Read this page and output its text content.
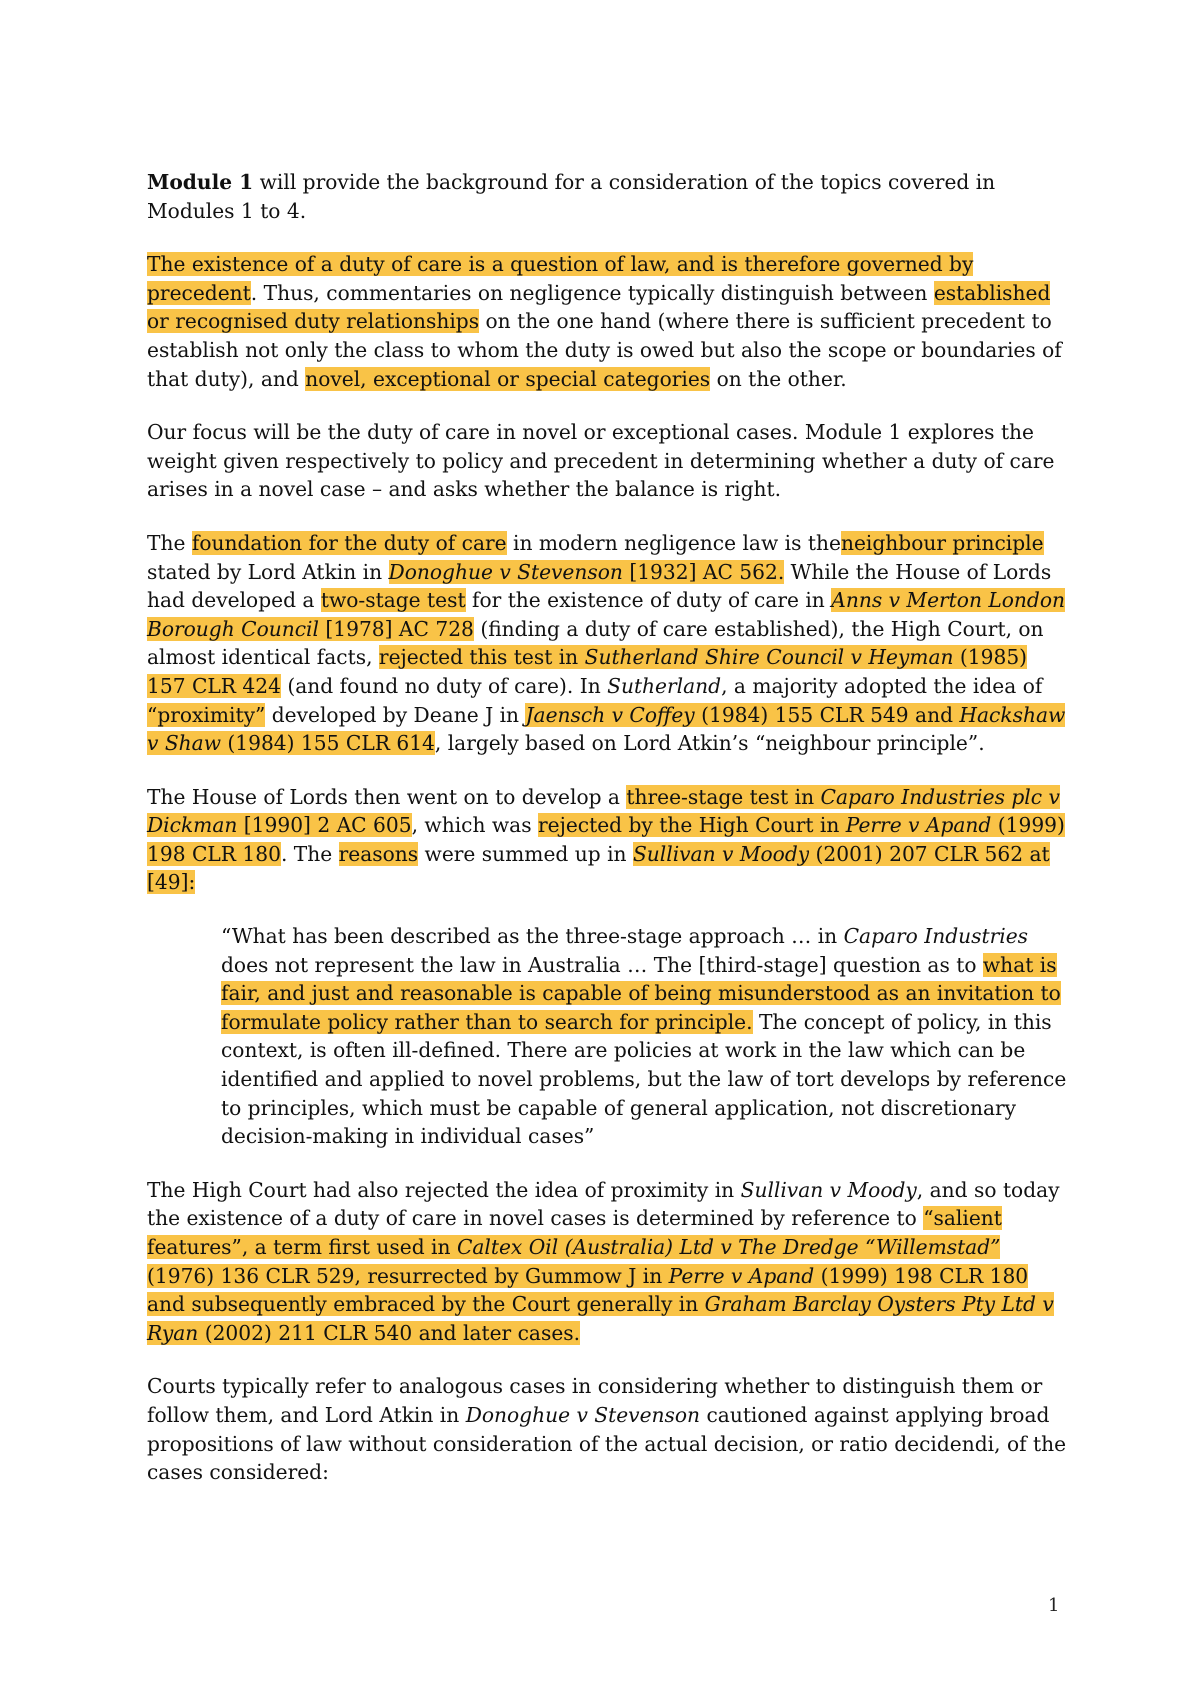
Module 1 will provide the background for a consideration of the topics covered in Modules 1 to 4.

The existence of a duty of care is a question of law, and is therefore governed by precedent. Thus, commentaries on negligence typically distinguish between established or recognised duty relationships on the one hand (where there is sufficient precedent to establish not only the class to whom the duty is owed but also the scope or boundaries of that duty), and novel, exceptional or special categories on the other.

Our focus will be the duty of care in novel or exceptional cases. Module 1 explores the weight given respectively to policy and precedent in determining whether a duty of care arises in a novel case – and asks whether the balance is right.

The foundation for the duty of care in modern negligence law is theneighbour principle stated by Lord Atkin in Donoghue v Stevenson [1932] AC 562. While the House of Lords had developed a two-stage test for the existence of duty of care in Anns v Merton London Borough Council [1978] AC 728 (finding a duty of care established), the High Court, on almost identical facts, rejected this test in Sutherland Shire Council v Heyman (1985) 157 CLR 424 (and found no duty of care). In Sutherland, a majority adopted the idea of “proximity” developed by Deane J in Jaensch v Coffey (1984) 155 CLR 549 and Hackshaw v Shaw (1984) 155 CLR 614, largely based on Lord Atkin’s “neighbour principle”.

The House of Lords then went on to develop a three-stage test in Caparo Industries plc v Dickman [1990] 2 AC 605, which was rejected by the High Court in Perre v Apand (1999) 198 CLR 180. The reasons were summed up in Sullivan v Moody (2001) 207 CLR 562 at [49]:

“What has been described as the three-stage approach … in Caparo Industries does not represent the law in Australia … The [third-stage] question as to what is fair, and just and reasonable is capable of being misunderstood as an invitation to formulate policy rather than to search for principle. The concept of policy, in this context, is often ill-defined. There are policies at work in the law which can be identified and applied to novel problems, but the law of tort develops by reference to principles, which must be capable of general application, not discretionary decision-making in individual cases”

The High Court had also rejected the idea of proximity in Sullivan v Moody, and so today the existence of a duty of care in novel cases is determined by reference to “salient features”, a term first used in Caltex Oil (Australia) Ltd v The Dredge “Willemstad” (1976) 136 CLR 529, resurrected by Gummow J in Perre v Apand (1999) 198 CLR 180 and subsequently embraced by the Court generally in Graham Barclay Oysters Pty Ltd v Ryan (2002) 211 CLR 540 and later cases.

Courts typically refer to analogous cases in considering whether to distinguish them or follow them, and Lord Atkin in Donoghue v Stevenson cautioned against applying broad propositions of law without consideration of the actual decision, or ratio decidendi, of the cases considered:

1
